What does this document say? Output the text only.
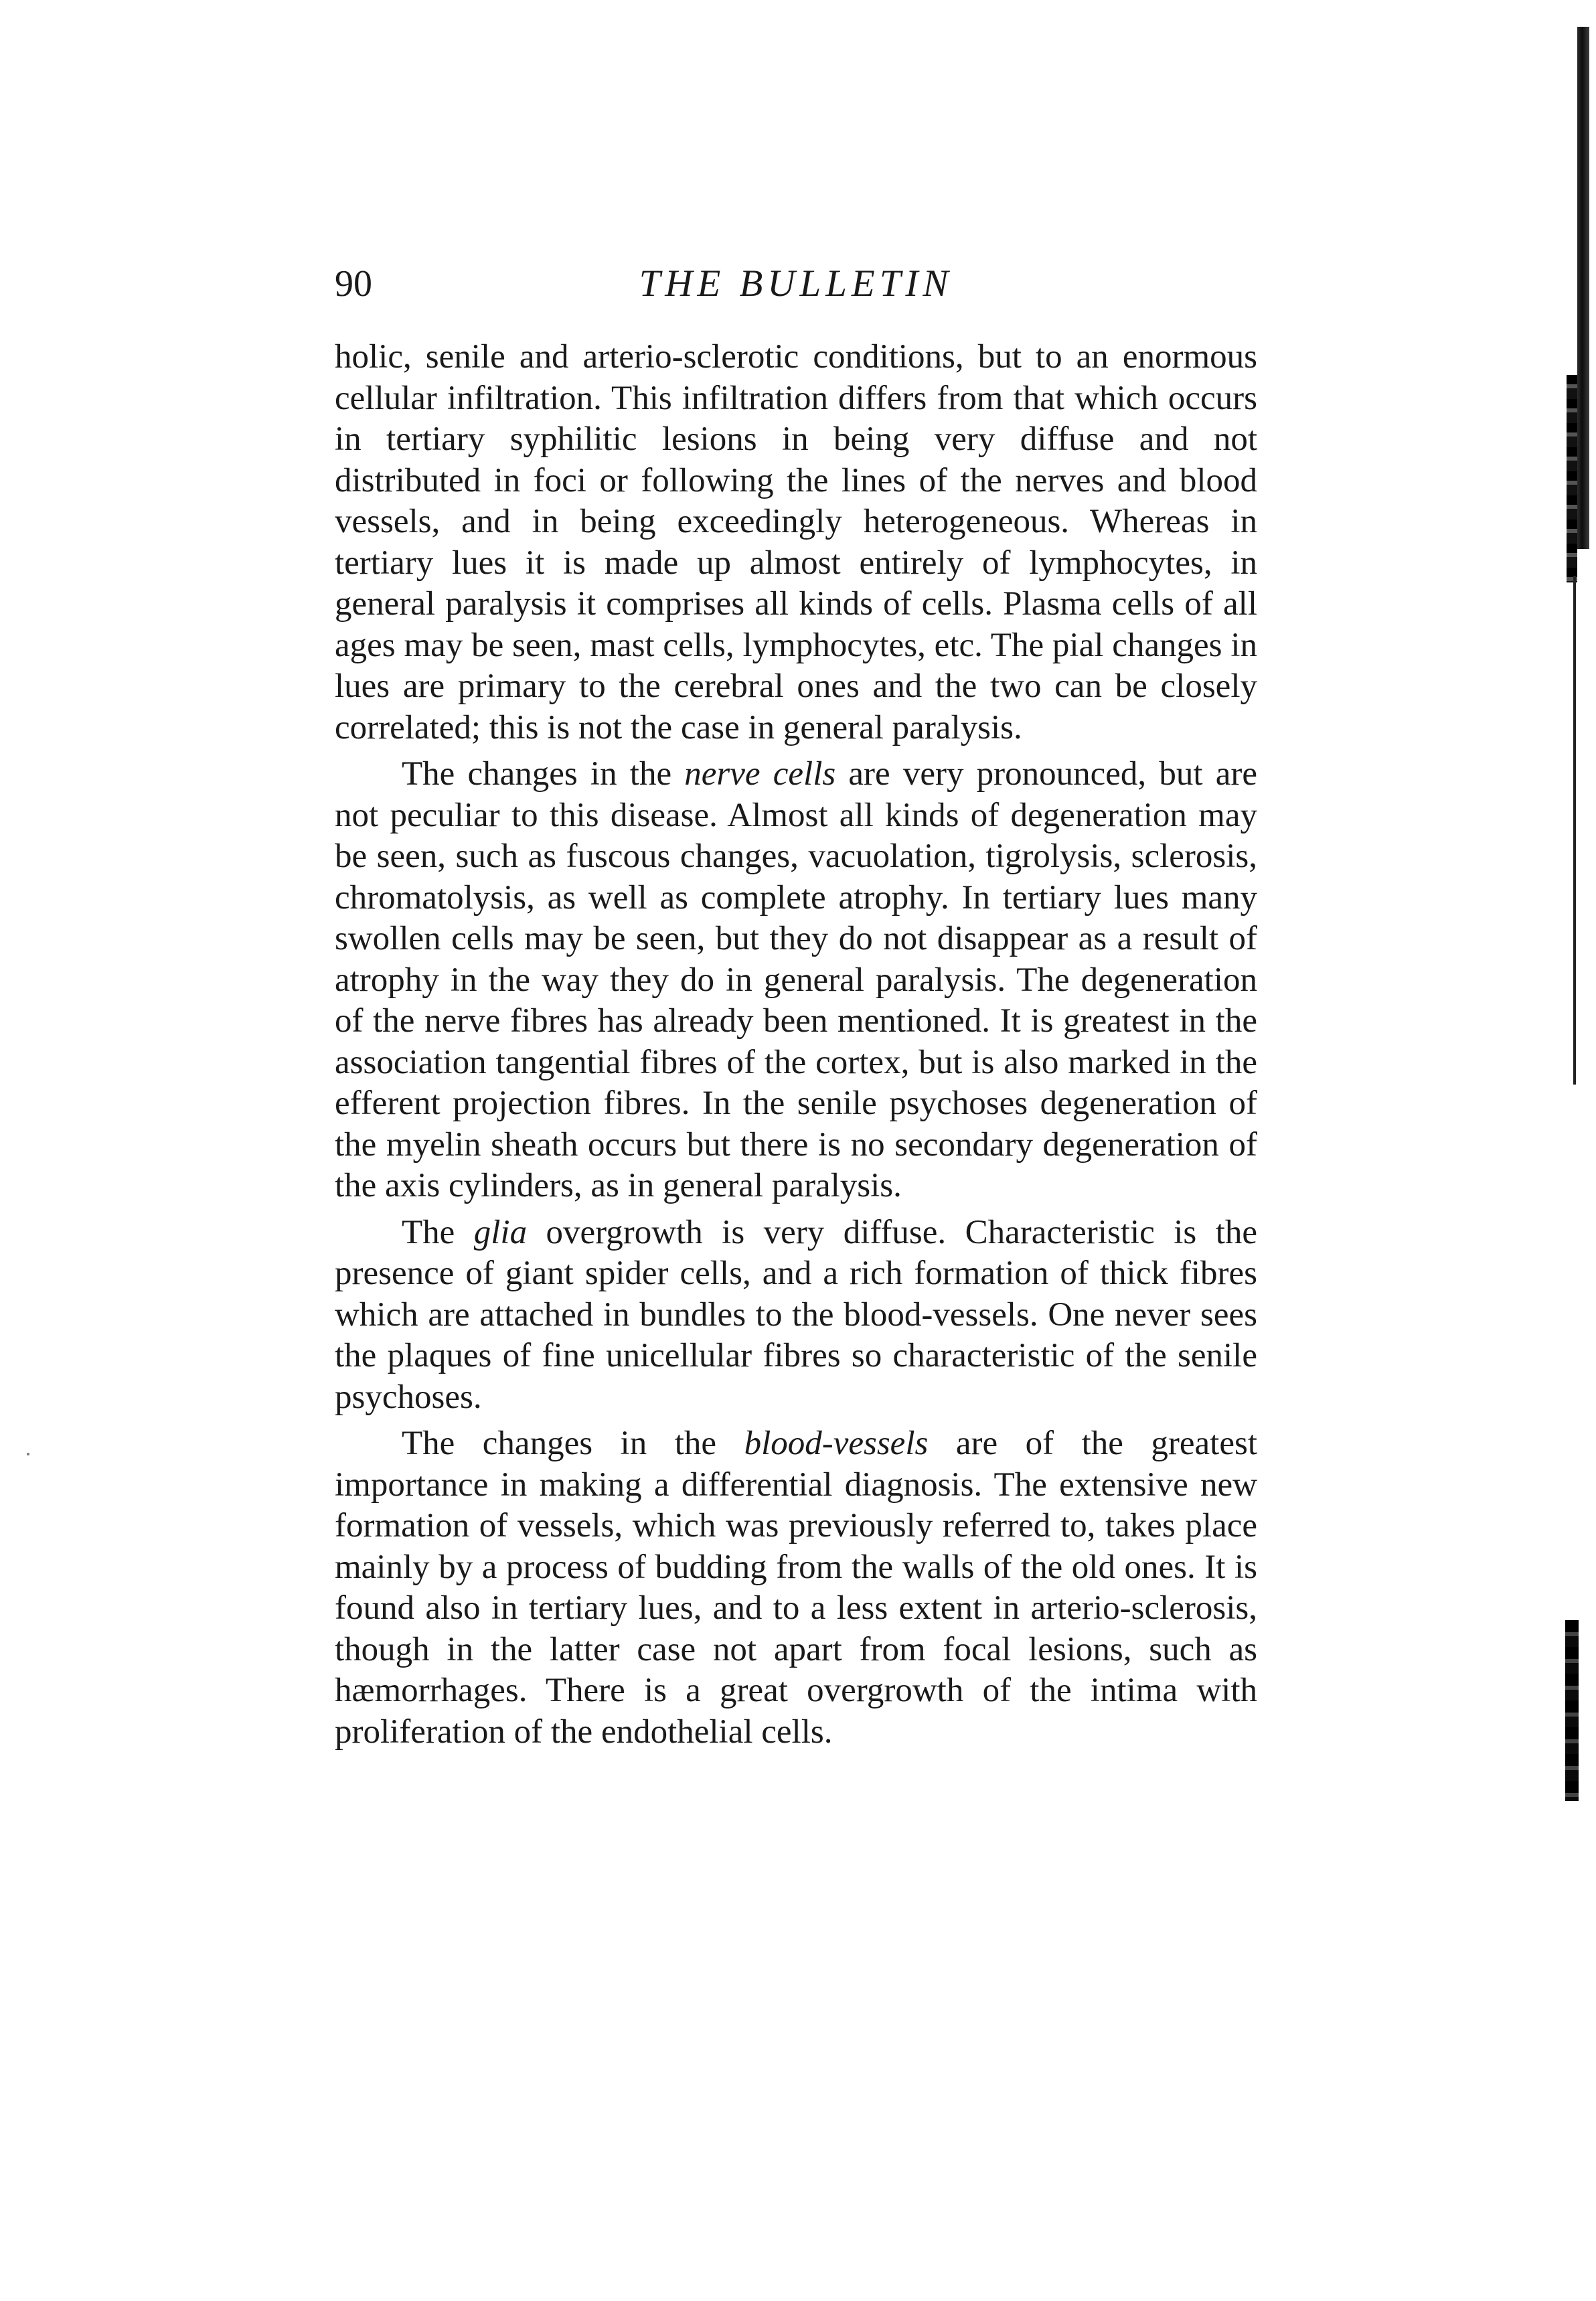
90	THE BULLETIN

holic, senile and arterio-sclerotic conditions, but to an enormous cellular infiltration. This infiltration differs from that which occurs in tertiary syphilitic lesions in being very diffuse and not distributed in foci or following the lines of the nerves and blood vessels, and in being exceedingly heterogeneous. Whereas in tertiary lues it is made up almost entirely of lymphocytes, in general paralysis it comprises all kinds of cells. Plasma cells of all ages may be seen, mast cells, lymphocytes, etc. The pial changes in lues are primary to the cerebral ones and the two can be closely correlated; this is not the case in general paralysis.

The changes in the nerve cells are very pronounced, but are not peculiar to this disease. Almost all kinds of degeneration may be seen, such as fuscous changes, vacuolation, tigrolysis, sclerosis, chromatolysis, as well as complete atrophy. In tertiary lues many swollen cells may be seen, but they do not disappear as a result of atrophy in the way they do in general paralysis. The degeneration of the nerve fibres has already been mentioned. It is greatest in the association tangential fibres of the cortex, but is also marked in the efferent projection fibres. In the senile psychoses degeneration of the myelin sheath occurs but there is no secondary degeneration of the axis cylinders, as in general paralysis.

The glia overgrowth is very diffuse. Characteristic is the presence of giant spider cells, and a rich formation of thick fibres which are attached in bundles to the blood-vessels. One never sees the plaques of fine unicellular fibres so characteristic of the senile psychoses.

The changes in the blood-vessels are of the greatest importance in making a differential diagnosis. The extensive new formation of vessels, which was previously referred to, takes place mainly by a process of budding from the walls of the old ones. It is found also in tertiary lues, and to a less extent in arterio-sclerosis, though in the latter case not apart from focal lesions, such as hæmorrhages. There is a great overgrowth of the intima with proliferation of the endothelial cells.
